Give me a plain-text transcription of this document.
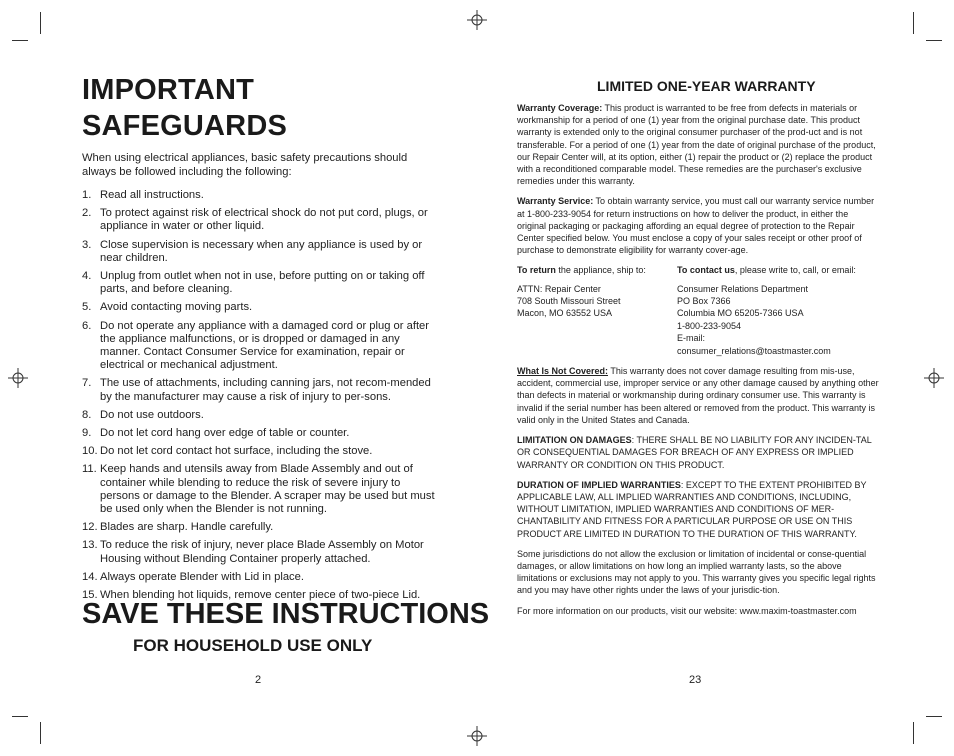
IMPORTANT SAFEGUARDS

When using electrical appliances, basic safety precautions should always be followed including the following:

1. Read all instructions.
2. To protect against risk of electrical shock do not put cord, plugs, or appliance in water or other liquid.
3. Close supervision is necessary when any appliance is used by or near children.
4. Unplug from outlet when not in use, before putting on or taking off parts, and before cleaning.
5. Avoid contacting moving parts.
6. Do not operate any appliance with a damaged cord or plug or after the appliance malfunctions, or is dropped or damaged in any manner. Contact Consumer Service for examination, repair or electrical or mechanical adjustment.
7. The use of attachments, including canning jars, not recom-mended by the manufacturer may cause a risk of injury to per-sons.
8. Do not use outdoors.
9. Do not let cord hang over edge of table or counter.
10. Do not let cord contact hot surface, including the stove.
11. Keep hands and utensils away from Blade Assembly and out of container while blending to reduce the risk of severe injury to persons or damage to the Blender. A scraper may be used but must be used only when the Blender is not running.
12. Blades are sharp. Handle carefully.
13. To reduce the risk of injury, never place Blade Assembly on Motor Housing without Blending Container properly attached.
14. Always operate Blender with Lid in place.
15. When blending hot liquids, remove center piece of two-piece Lid.
SAVE THESE INSTRUCTIONS
FOR HOUSEHOLD USE ONLY
2
LIMITED ONE-YEAR WARRANTY

Warranty Coverage: This product is warranted to be free from defects in materials or workmanship for a period of one (1) year from the original purchase date. This product warranty is extended only to the original consumer purchaser of the prod-uct and is not transferable. For a period of one (1) year from the date of original purchase of the product, our Repair Center will, at its option, either (1) repair the product or (2) replace the product with a reconditioned comparable model. These remedies are the purchaser's exclusive remedies under this warranty.

Warranty Service: To obtain warranty service, you must call our warranty service number at 1-800-233-9054 for return instructions on how to deliver the product, in either the original packaging or packaging affording an equal degree of protection to the Repair Center specified below. You must enclose a copy of your sales receipt or other proof of purchase to demonstrate eligibility for warranty cover-age.

To return the appliance, ship to:	To contact us, please write to, call, or email:
ATTN: Repair Center
708 South Missouri Street
Macon, MO 63552 USA
Consumer Relations Department
PO Box 7366
Columbia MO 65205-7366 USA
1-800-233-9054
E-mail:
consumer_relations@toastmaster.com

What Is Not Covered: This warranty does not cover damage resulting from mis-use, accident, commercial use, improper service or any other damage caused by anything other than defects in material or workmanship during ordinary consumer use. This warranty is invalid if the serial number has been altered or removed from the product. This warranty is valid only in the United States and Canada.

LIMITATION ON DAMAGES: THERE SHALL BE NO LIABILITY FOR ANY INCIDEN-TAL OR CONSEQUENTIAL DAMAGES FOR BREACH OF ANY EXPRESS OR IMPLIED WARRANTY OR CONDITION ON THIS PRODUCT.

DURATION OF IMPLIED WARRANTIES: EXCEPT TO THE EXTENT PROHIBITED BY APPLICABLE LAW, ALL IMPLIED WARRANTIES AND CONDITIONS, INCLUDING, WITHOUT LIMITATION, IMPLIED WARRANTIES AND CONDITIONS OF MER-CHANTABILITY AND FITNESS FOR A PARTICULAR PURPOSE OR USE ON THIS PRODUCT ARE LIMITED IN DURATION TO THE DURATION OF THIS WARRANTY.

Some jurisdictions do not allow the exclusion or limitation of incidental or conse-quential damages, or allow limitations on how long an implied warranty lasts, so the above limitations or exclusions may not apply to you. This warranty gives you specific legal rights and you may have other rights under the laws of your jurisdic-tion.

For more information on our products, visit our website: www.maxim-toastmaster.com

23
